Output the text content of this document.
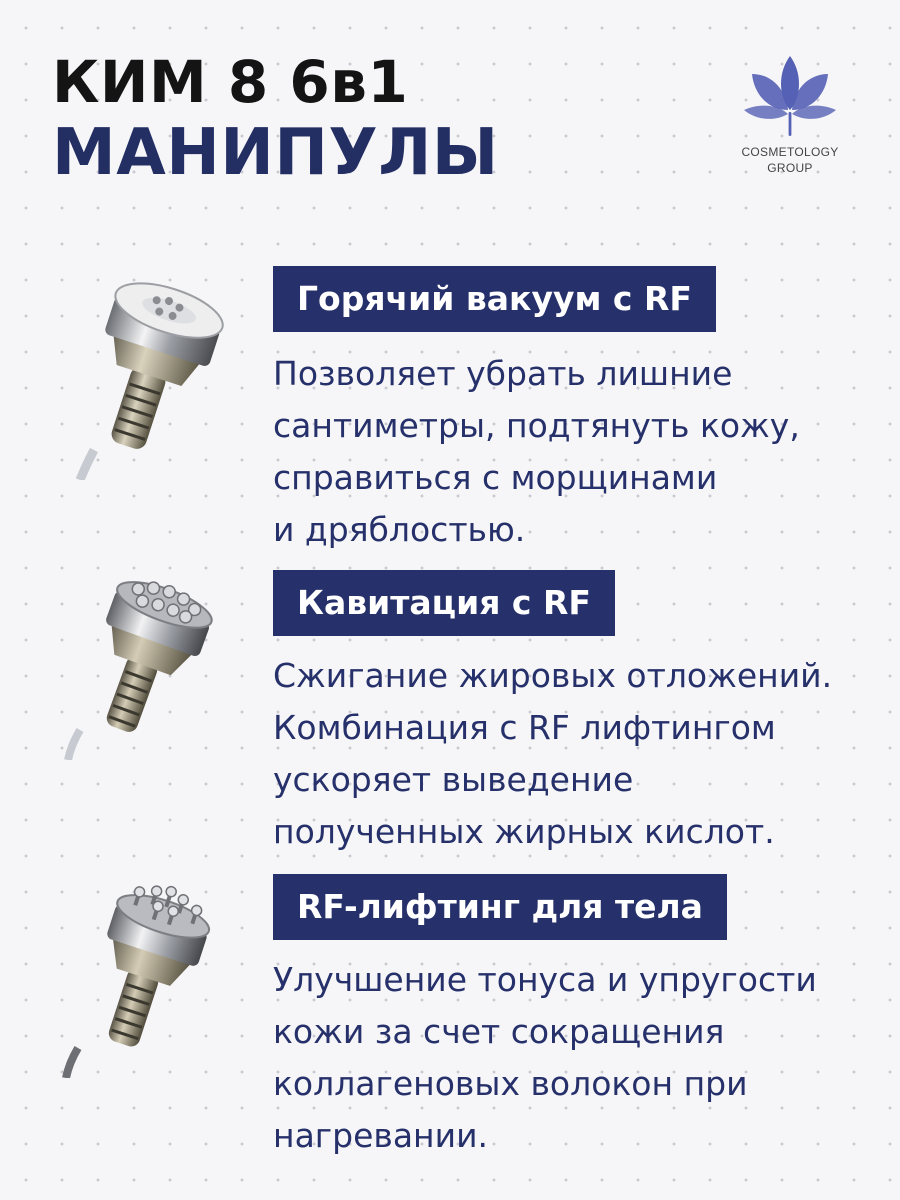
КИМ 8 6в1
МАНИПУЛЫ	COSMETOLOGY
GROUP
Горячий вакуум с RF
Позволяет убрать лишние
сантиметры, подтянуть кожу,
справиться с морщинами
и дряблостью.
Кавитация с RF
Сжигание жировых отложений.
Комбинация с RF лифтингом
ускоряет выведение
полученных жирных кислот.
RF-лифтинг для тела
Улучшение тонуса и упругости
кожи за счет сокращения
коллагеновых волокон при
нагревании.
